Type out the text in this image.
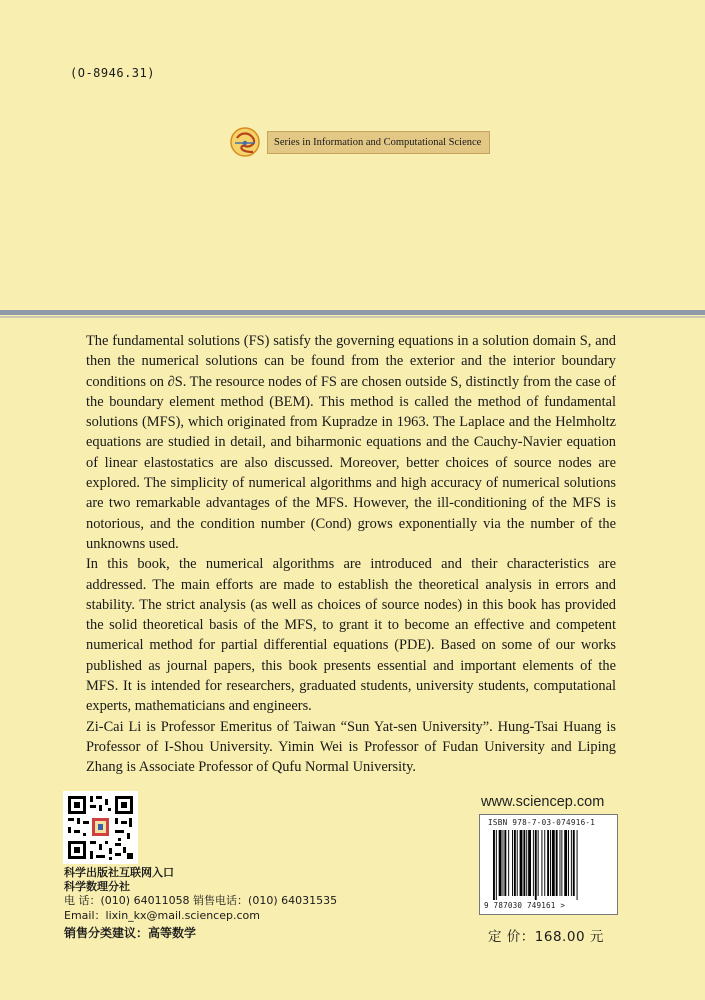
(O-8946.31)
Series in Information and Computational Science

The fundamental solutions (FS) satisfy the governing equations in a solution domain S, and then the numerical solutions can be found from the exterior and the interior boundary conditions on ∂S. The resource nodes of FS are chosen outside S, distinctly from the case of the boundary element method (BEM). This method is called the method of fundamental solutions (MFS), which originated from Kupradze in 1963. The Laplace and the Helmholtz equations are studied in detail, and biharmonic equations and the Cauchy-Navier equation of linear elastostatics are also discussed. Moreover, better choices of source nodes are explored. The simplicity of numerical algorithms and high accuracy of numerical solutions are two remarkable advantages of the MFS. However, the ill-conditioning of the MFS is notorious, and the condition number (Cond) grows exponentially via the number of the unknowns used.

In this book, the numerical algorithms are introduced and their characteristics are addressed. The main efforts are made to establish the theoretical analysis in errors and stability. The strict analysis (as well as choices of source nodes) in this book has provided the solid theoretical basis of the MFS, to grant it to become an effective and competent numerical method for partial differential equations (PDE). Based on some of our works published as journal papers, this book presents essential and important elements of the MFS. It is intended for researchers, graduated students, university students, computational experts, mathematicians and engineers.

Zi-Cai Li is Professor Emeritus of Taiwan “Sun Yat-sen University”. Hung-Tsai Huang is Professor of I-Shou University. Yimin Wei is Professor of Fudan University and Liping Zhang is Associate Professor of Qufu Normal University.

科学出版社互联网入口
科学数理分社
电 话：(010) 64011058 销售电话：(010) 64031535
Email：lixin_kx@mail.sciencep.com
销售分类建议：高等数学
www.sciencep.com
ISBN 978-7-03-074916-1
9 787030 749161 >
定 价：168.00 元
